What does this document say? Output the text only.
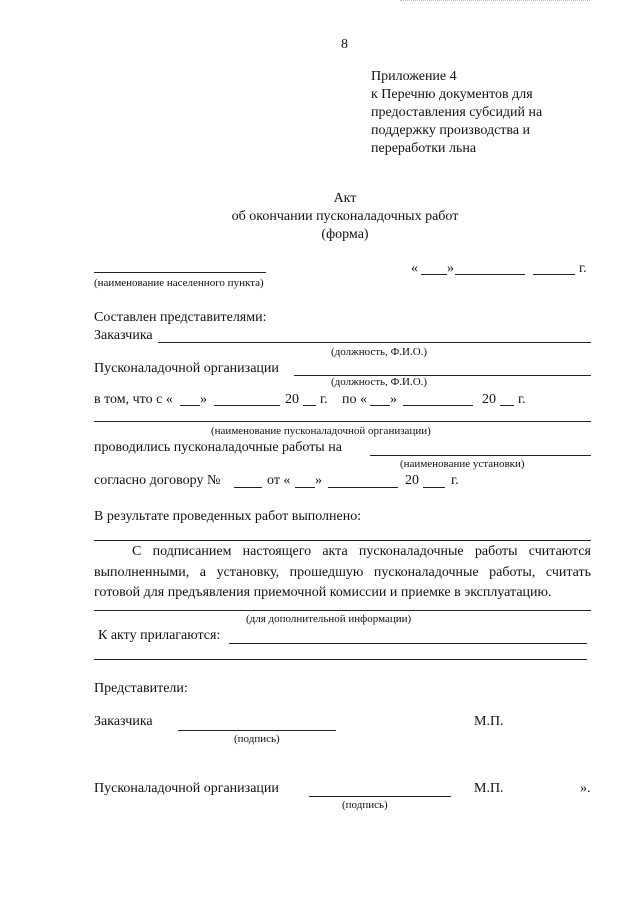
8
Приложение 4
к Перечню документов для
предоставления субсидий на
поддержку производства и
переработки льна
Акт
об окончании пусконаладочных работ
(форма)
(наименование населенного пункта)
« »	г.
Составлен представителями:
Заказчика
(должность, Ф.И.О.)
Пусконаладочной организации
(должность, Ф.И.О.)
в том, что с « »	20 г. по « »	20 г.
(наименование пусконаладочной организации)
проводились пусконаладочные работы на
(наименование установки)
согласно договору №	от « »	20 г.
В результате проведенных работ выполнено:
С подписанием настоящего акта пусконаладочные работы считаются выполненными, а установку, прошедшую пусконаладочные работы, считать готовой для предъявления приемочной комиссии и приемке в эксплуатацию.
(для дополнительной информации)
К акту прилагаются:
Представители:
Заказчика
(подпись)
М.П.
Пусконаладочной организации
(подпись)
М.П.	».
